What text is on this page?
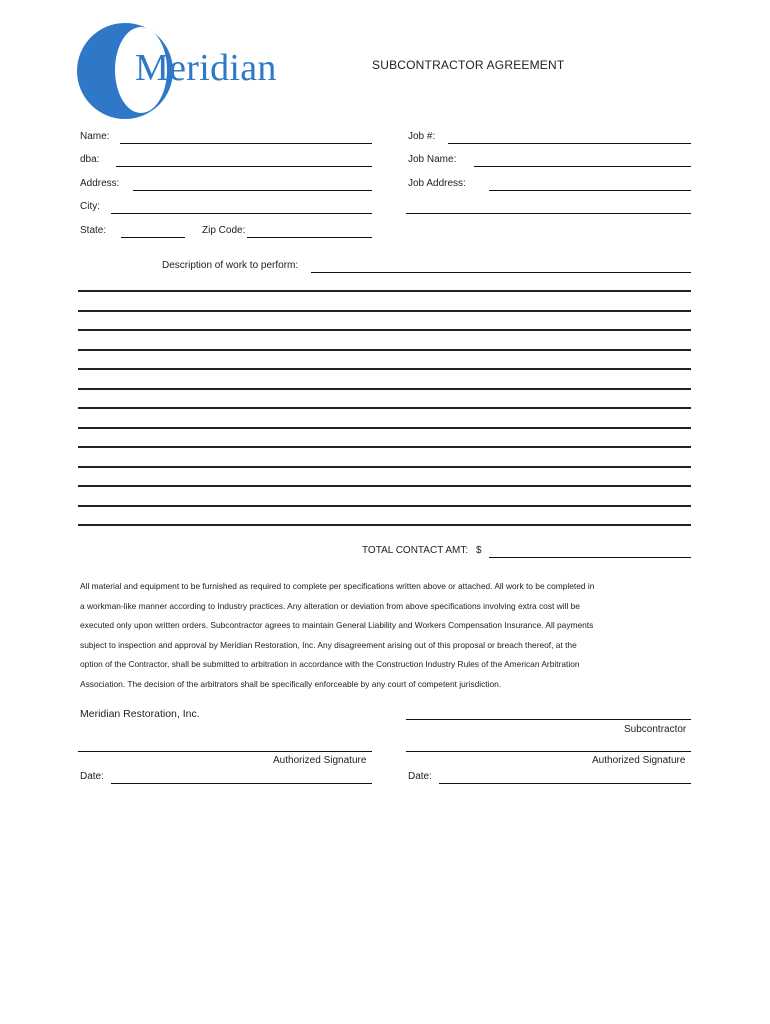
Meridian	SUBCONTRACTOR AGREEMENT
Name:
dba:
Address:
City:
State:	Zip Code:
Job #:
Job Name:
Job Address:
Description of work to perform:
TOTAL CONTACT AMT: $
All material and equipment to be furnished as required to complete per specifications written above or attached. All work to be completed in
a workman-like manner according to Industry practices. Any alteration or deviation from above specifications involving extra cost will be
executed only upon written orders. Subcontractor agrees to maintain General Liability and Workers Compensation Insurance. All payments
subject to inspection and approval by Meridian Restoration, Inc. Any disagreement arising out of this proposal or breach thereof, at the
option of the Contractor, shall be submitted to arbitration in accordance with the Construction Industry Rules of the American Arbitration
Association. The decision of the arbitrators shall be specifically enforceable by any court of competent jurisdiction.
Meridian Restoration, Inc.
Subcontractor
Authorized Signature	Authorized Signature
Date:	Date:
